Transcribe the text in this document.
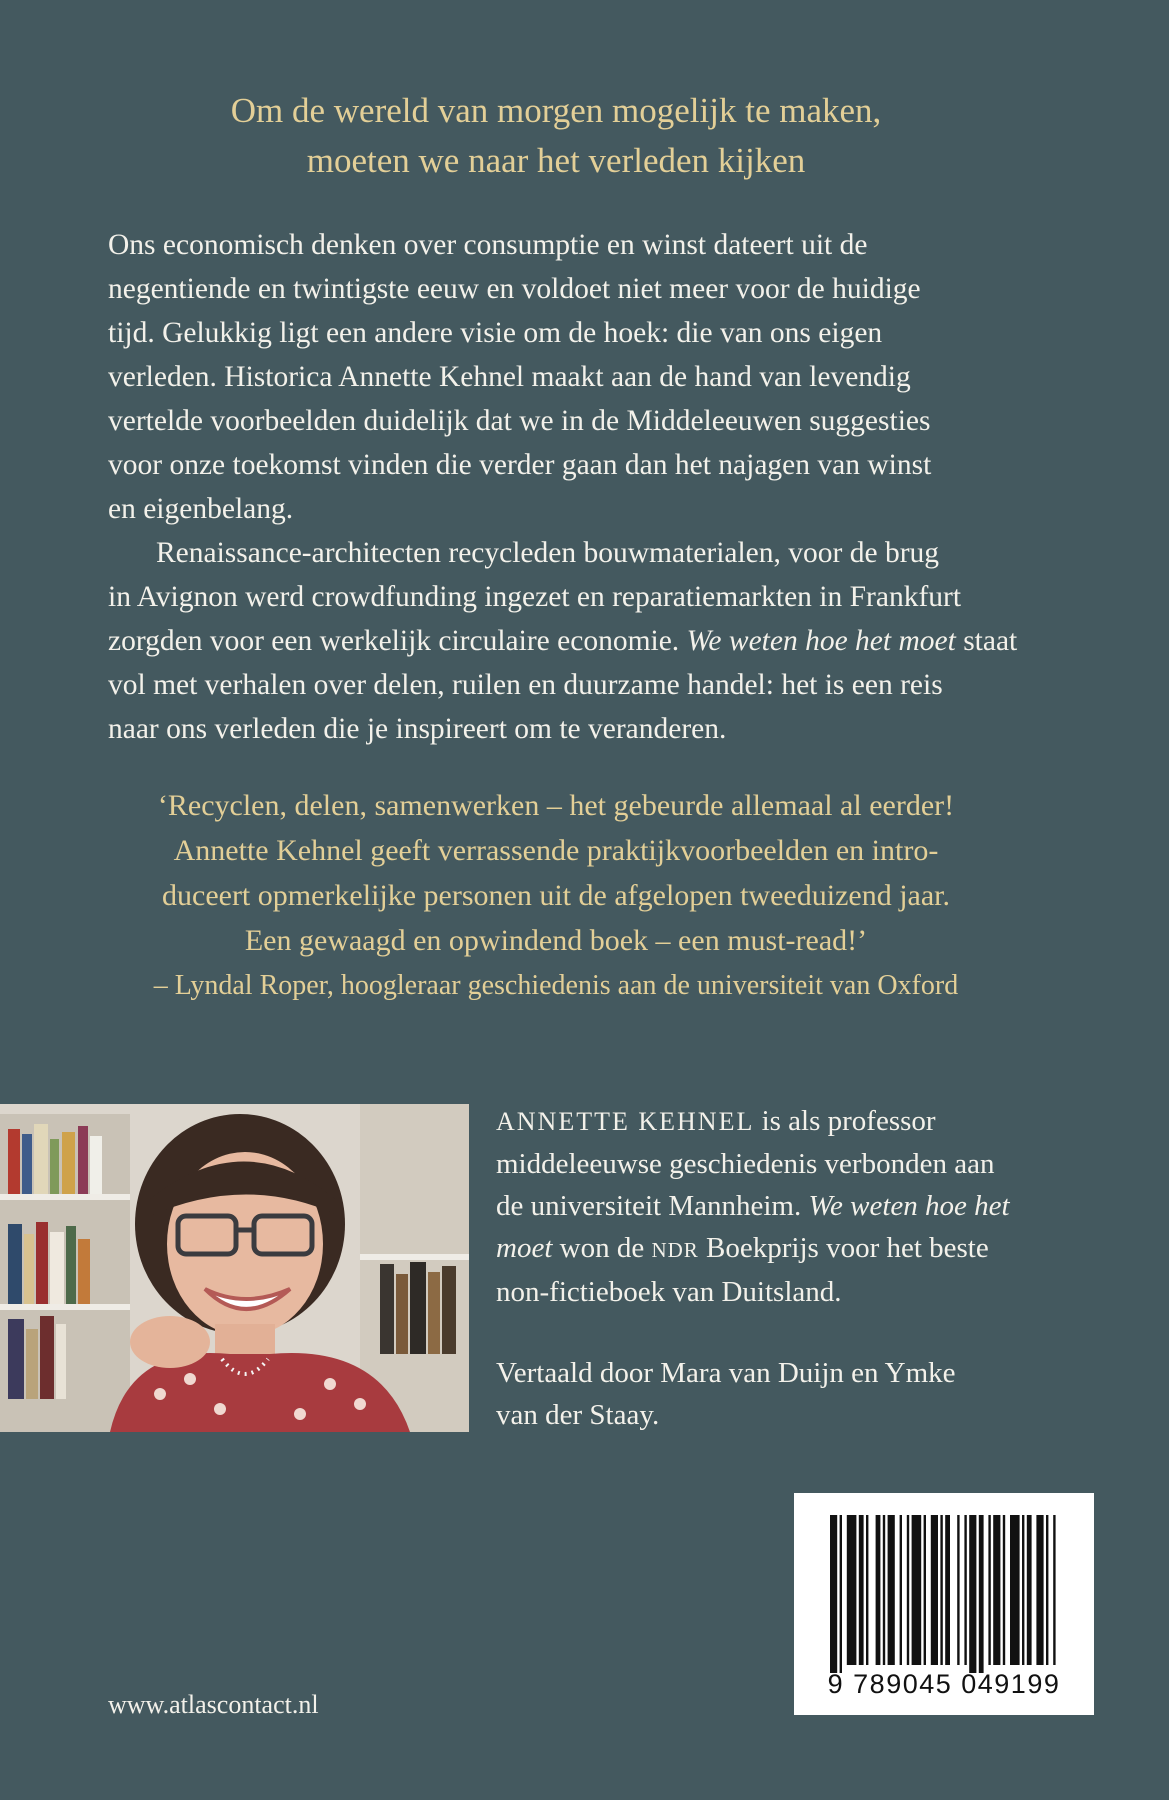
Om de wereld van morgen mogelijk te maken,
moeten we naar het verleden kijken

Ons economisch denken over consumptie en winst dateert uit de
negentiende en twintigste eeuw en voldoet niet meer voor de huidige
tijd. Gelukkig ligt een andere visie om de hoek: die van ons eigen
verleden. Historica Annette Kehnel maakt aan de hand van levendig
vertelde voorbeelden duidelijk dat we in de Middeleeuwen suggesties
voor onze toekomst vinden die verder gaan dan het najagen van winst
en eigenbelang.

Renaissance-architecten recycleden bouwmaterialen, voor de brug
in Avignon werd crowdfunding ingezet en reparatiemarkten in Frankfurt
zorgden voor een werkelijk circulaire economie. We weten hoe het moet staat
vol met verhalen over delen, ruilen en duurzame handel: het is een reis
naar ons verleden die je inspireert om te veranderen.

‘Recyclen, delen, samenwerken – het gebeurde allemaal al eerder!
Annette Kehnel geeft verrassende praktijkvoorbeelden en intro-
duceert opmerkelijke personen uit de afgelopen tweeduizend jaar.
Een gewaagd en opwindend boek – een must-read!’
– Lyndal Roper, hoogleraar geschiedenis aan de universiteit van Oxford
ANNETTE KEHNEL is als professor
middeleeuwse geschiedenis verbonden aan
de universiteit Mannheim. We weten hoe het
moet won de NDR Boekprijs voor het beste
non-fictieboek van Duitsland.
Vertaald door Mara van Duijn en Ymke
van der Staay.
www.atlascontact.nl
9 789045 049199
